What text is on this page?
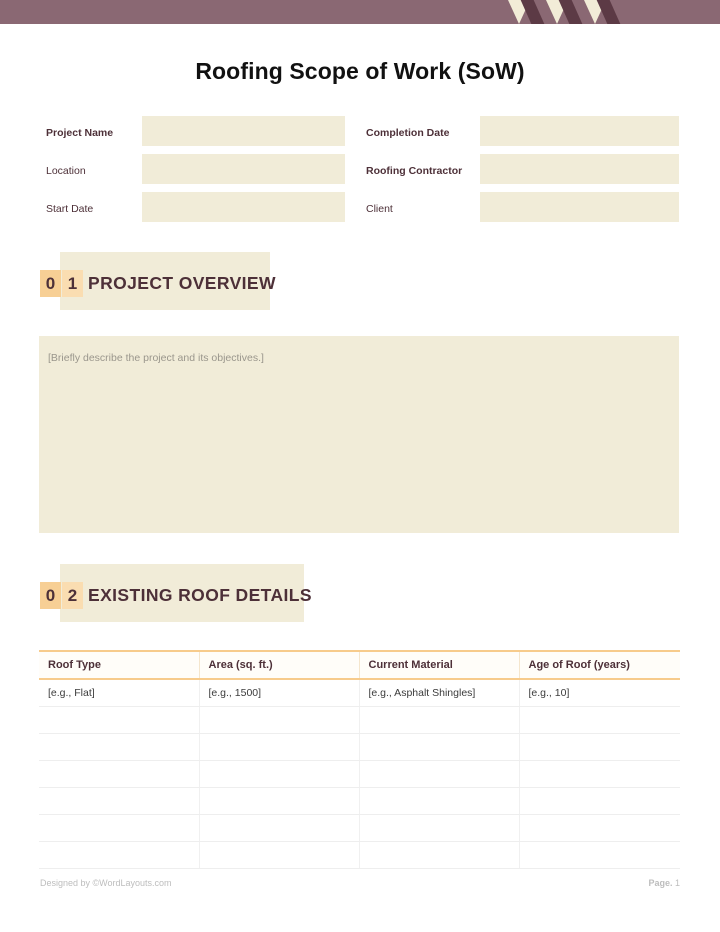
Roofing Scope of Work (SoW)
Project Name	Completion Date
Location	Roofing Contractor
Start Date	Client
0 1 PROJECT OVERVIEW
[Briefly describe the project and its objectives.]
0 2 EXISTING ROOF DETAILS
Roof Type	Area (sq. ft.)	Current Material	Age of Roof (years)
[e.g., Flat]	[e.g., 1500]	[e.g., Asphalt Shingles]	[e.g., 10]

Designed by ©WordLayouts.com	Page. 1
